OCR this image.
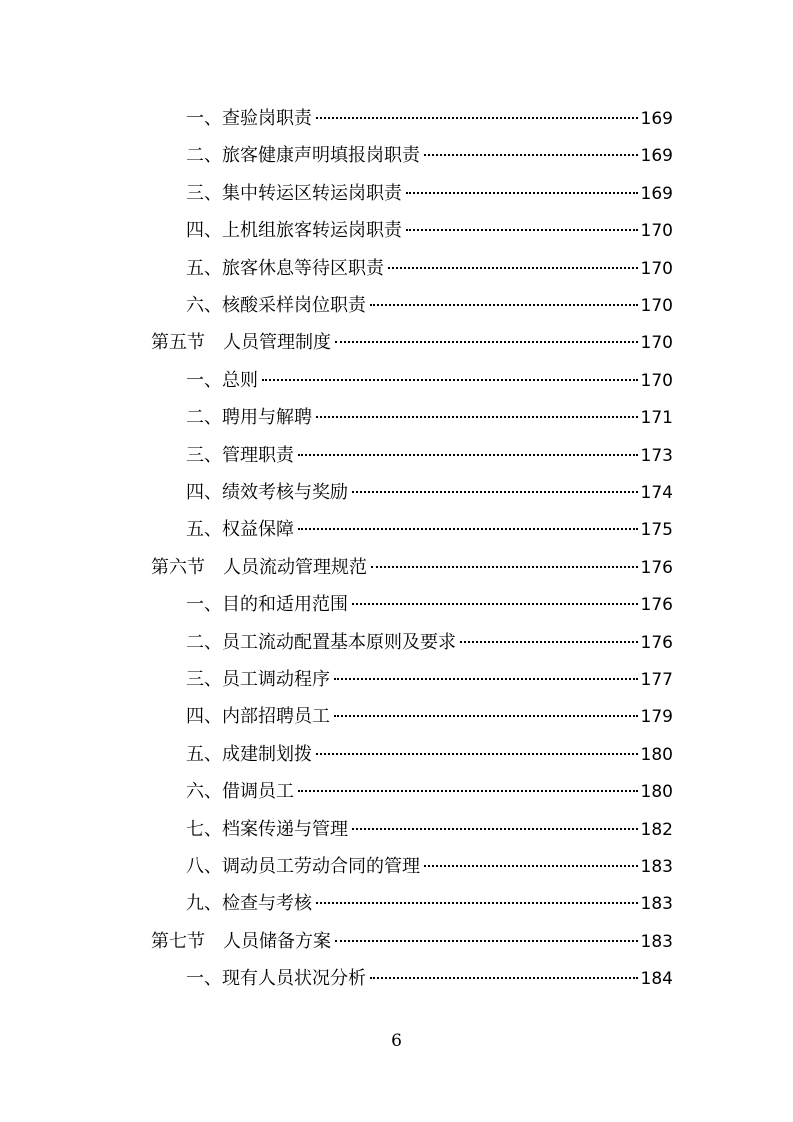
一、 查验岗职责	169
二、 旅客健康声明填报岗职责	169
三、 集中转运区转运岗职责	169
四、 上机组旅客转运岗职责	170
五、 旅客休息等待区职责	170
六、 核酸采样岗位职责	170
第五节 人员管理制度	170
一、 总则	170
二、 聘用与解聘	171
三、 管理职责	173
四、 绩效考核与奖励	174
五、 权益保障	175
第六节 人员流动管理规范	176
一、 目的和适用范围	176
二、 员工流动配置基本原则及要求	176
三、 员工调动程序	177
四、 内部招聘员工	179
五、 成建制划拨	180
六、 借调员工	180
七、 档案传递与管理	182
八、 调动员工劳动合同的管理	183
九、 检查与考核	183
第七节 人员储备方案	183
一、 现有人员状况分析	184
6
